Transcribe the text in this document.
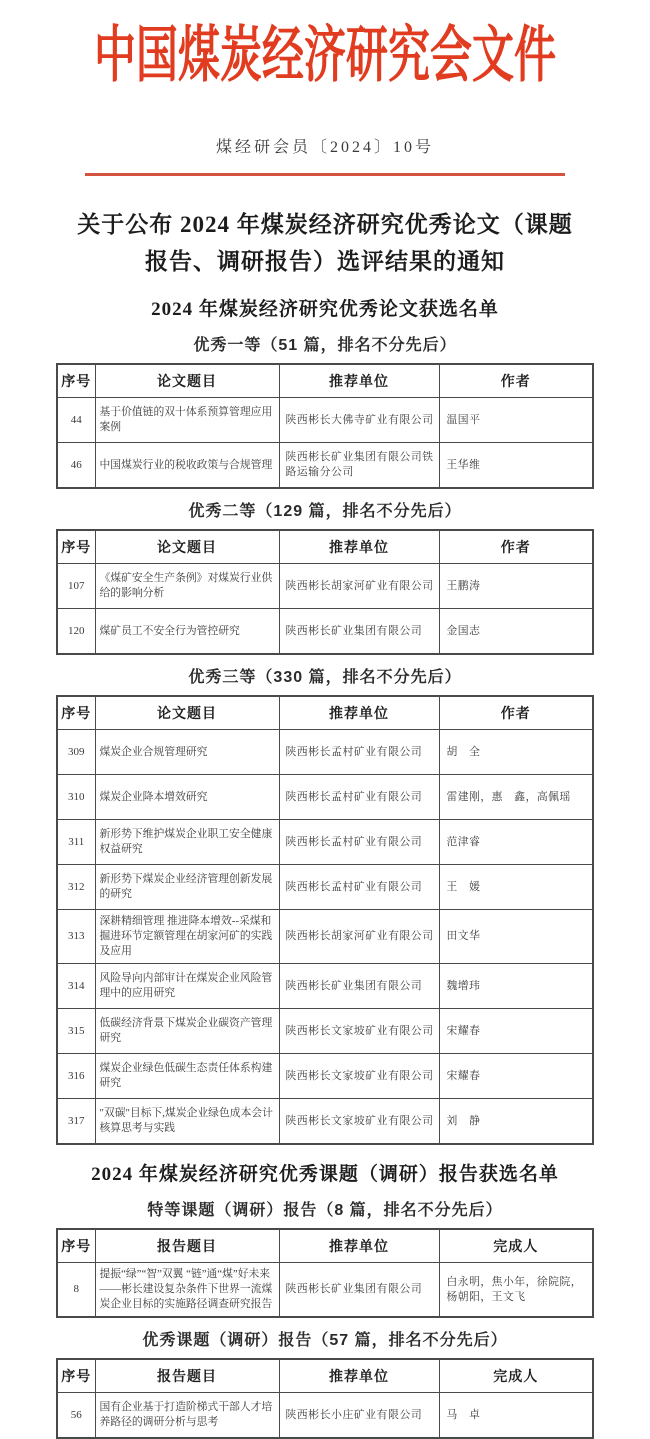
中国煤炭经济研究会文件
煤经研会员〔2024〕10号
关于公布 2024 年煤炭经济研究优秀论文（课题
报告、调研报告）选评结果的通知
2024 年煤炭经济研究优秀论文获选名单
优秀一等（51 篇，排名不分先后）
序号	论文题目	推荐单位	作者
44	基于价值链的双十体系预算管理应用案例	陕西彬长大佛寺矿业有限公司	温国平
46	中国煤炭行业的税收政策与合规管理	陕西彬长矿业集团有限公司铁路运输分公司	王华维
优秀二等（129 篇，排名不分先后）
序号	论文题目	推荐单位	作者
107	《煤矿安全生产条例》对煤炭行业供给的影响分析	陕西彬长胡家河矿业有限公司	王鹏涛
120	煤矿员工不安全行为管控研究	陕西彬长矿业集团有限公司	金国志
优秀三等（330 篇，排名不分先后）
序号	论文题目	推荐单位	作者
309	煤炭企业合规管理研究	陕西彬长孟村矿业有限公司	胡　全
310	煤炭企业降本增效研究	陕西彬长孟村矿业有限公司	雷建刚，惠　鑫，高佩瑶
311	新形势下维护煤炭企业职工安全健康权益研究	陕西彬长孟村矿业有限公司	范津睿
312	新形势下煤炭企业经济管理创新发展的研究	陕西彬长孟村矿业有限公司	王　媛
313	深耕精细管理 推进降本增效--采煤和掘进环节定额管理在胡家河矿的实践及应用	陕西彬长胡家河矿业有限公司	田文华
314	风险导向内部审计在煤炭企业风险管理中的应用研究	陕西彬长矿业集团有限公司	魏增玮
315	低碳经济背景下煤炭企业碳资产管理研究	陕西彬长文家坡矿业有限公司	宋耀春
316	煤炭企业绿色低碳生态责任体系构建研究	陕西彬长文家坡矿业有限公司	宋耀春
317	"双碳"目标下,煤炭企业绿色成本会计核算思考与实践	陕西彬长文家坡矿业有限公司	刘　静
2024 年煤炭经济研究优秀课题（调研）报告获选名单
特等课题（调研）报告（8 篇，排名不分先后）
序号	报告题目	推荐单位	完成人
8	提振“绿”“智”双翼 “链”通“煤”好未来——彬长建设复杂条件下世界一流煤炭企业目标的实施路径调查研究报告	陕西彬长矿业集团有限公司	白永明，焦小年，徐院院，杨朝阳，王文飞
优秀课题（调研）报告（57 篇，排名不分先后）
序号	报告题目	推荐单位	完成人
56	国有企业基于打造阶梯式干部人才培养路径的调研分析与思考	陕西彬长小庄矿业有限公司	马　卓
